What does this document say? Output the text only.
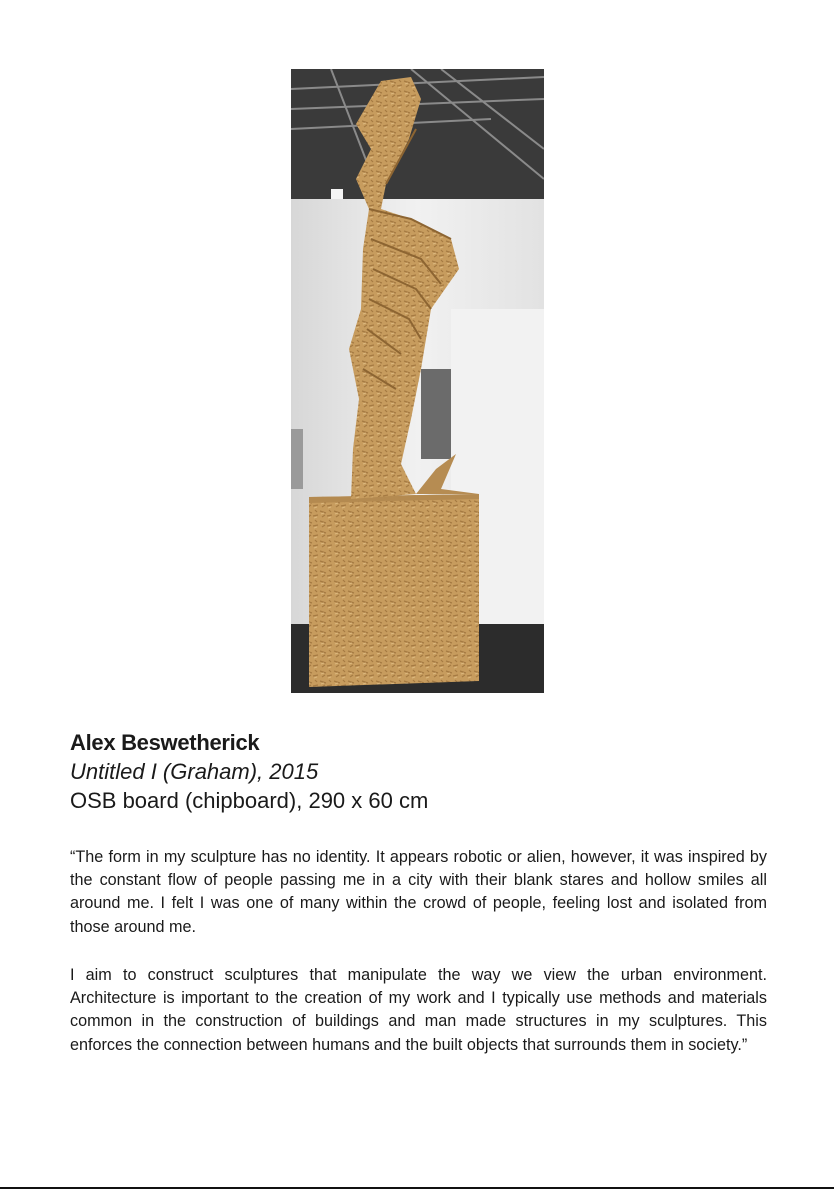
Alex Beswetherick
Untitled I (Graham), 2015
OSB board (chipboard), 290 x 60 cm

“The form in my sculpture has no identity. It appears robotic or alien, however, it was inspired by the constant flow of people passing me in a city with their blank stares and hollow smiles all around me. I felt I was one of many within the crowd of people, feeling lost and isolated from those around me.

I aim to construct sculptures that manipulate the way we view the urban environment. Architecture is important to the creation of my work and I typically use methods and materials common in the construction of buildings and man made structures in my sculptures. This enforces the connection between humans and the built objects that surrounds them in society.”
